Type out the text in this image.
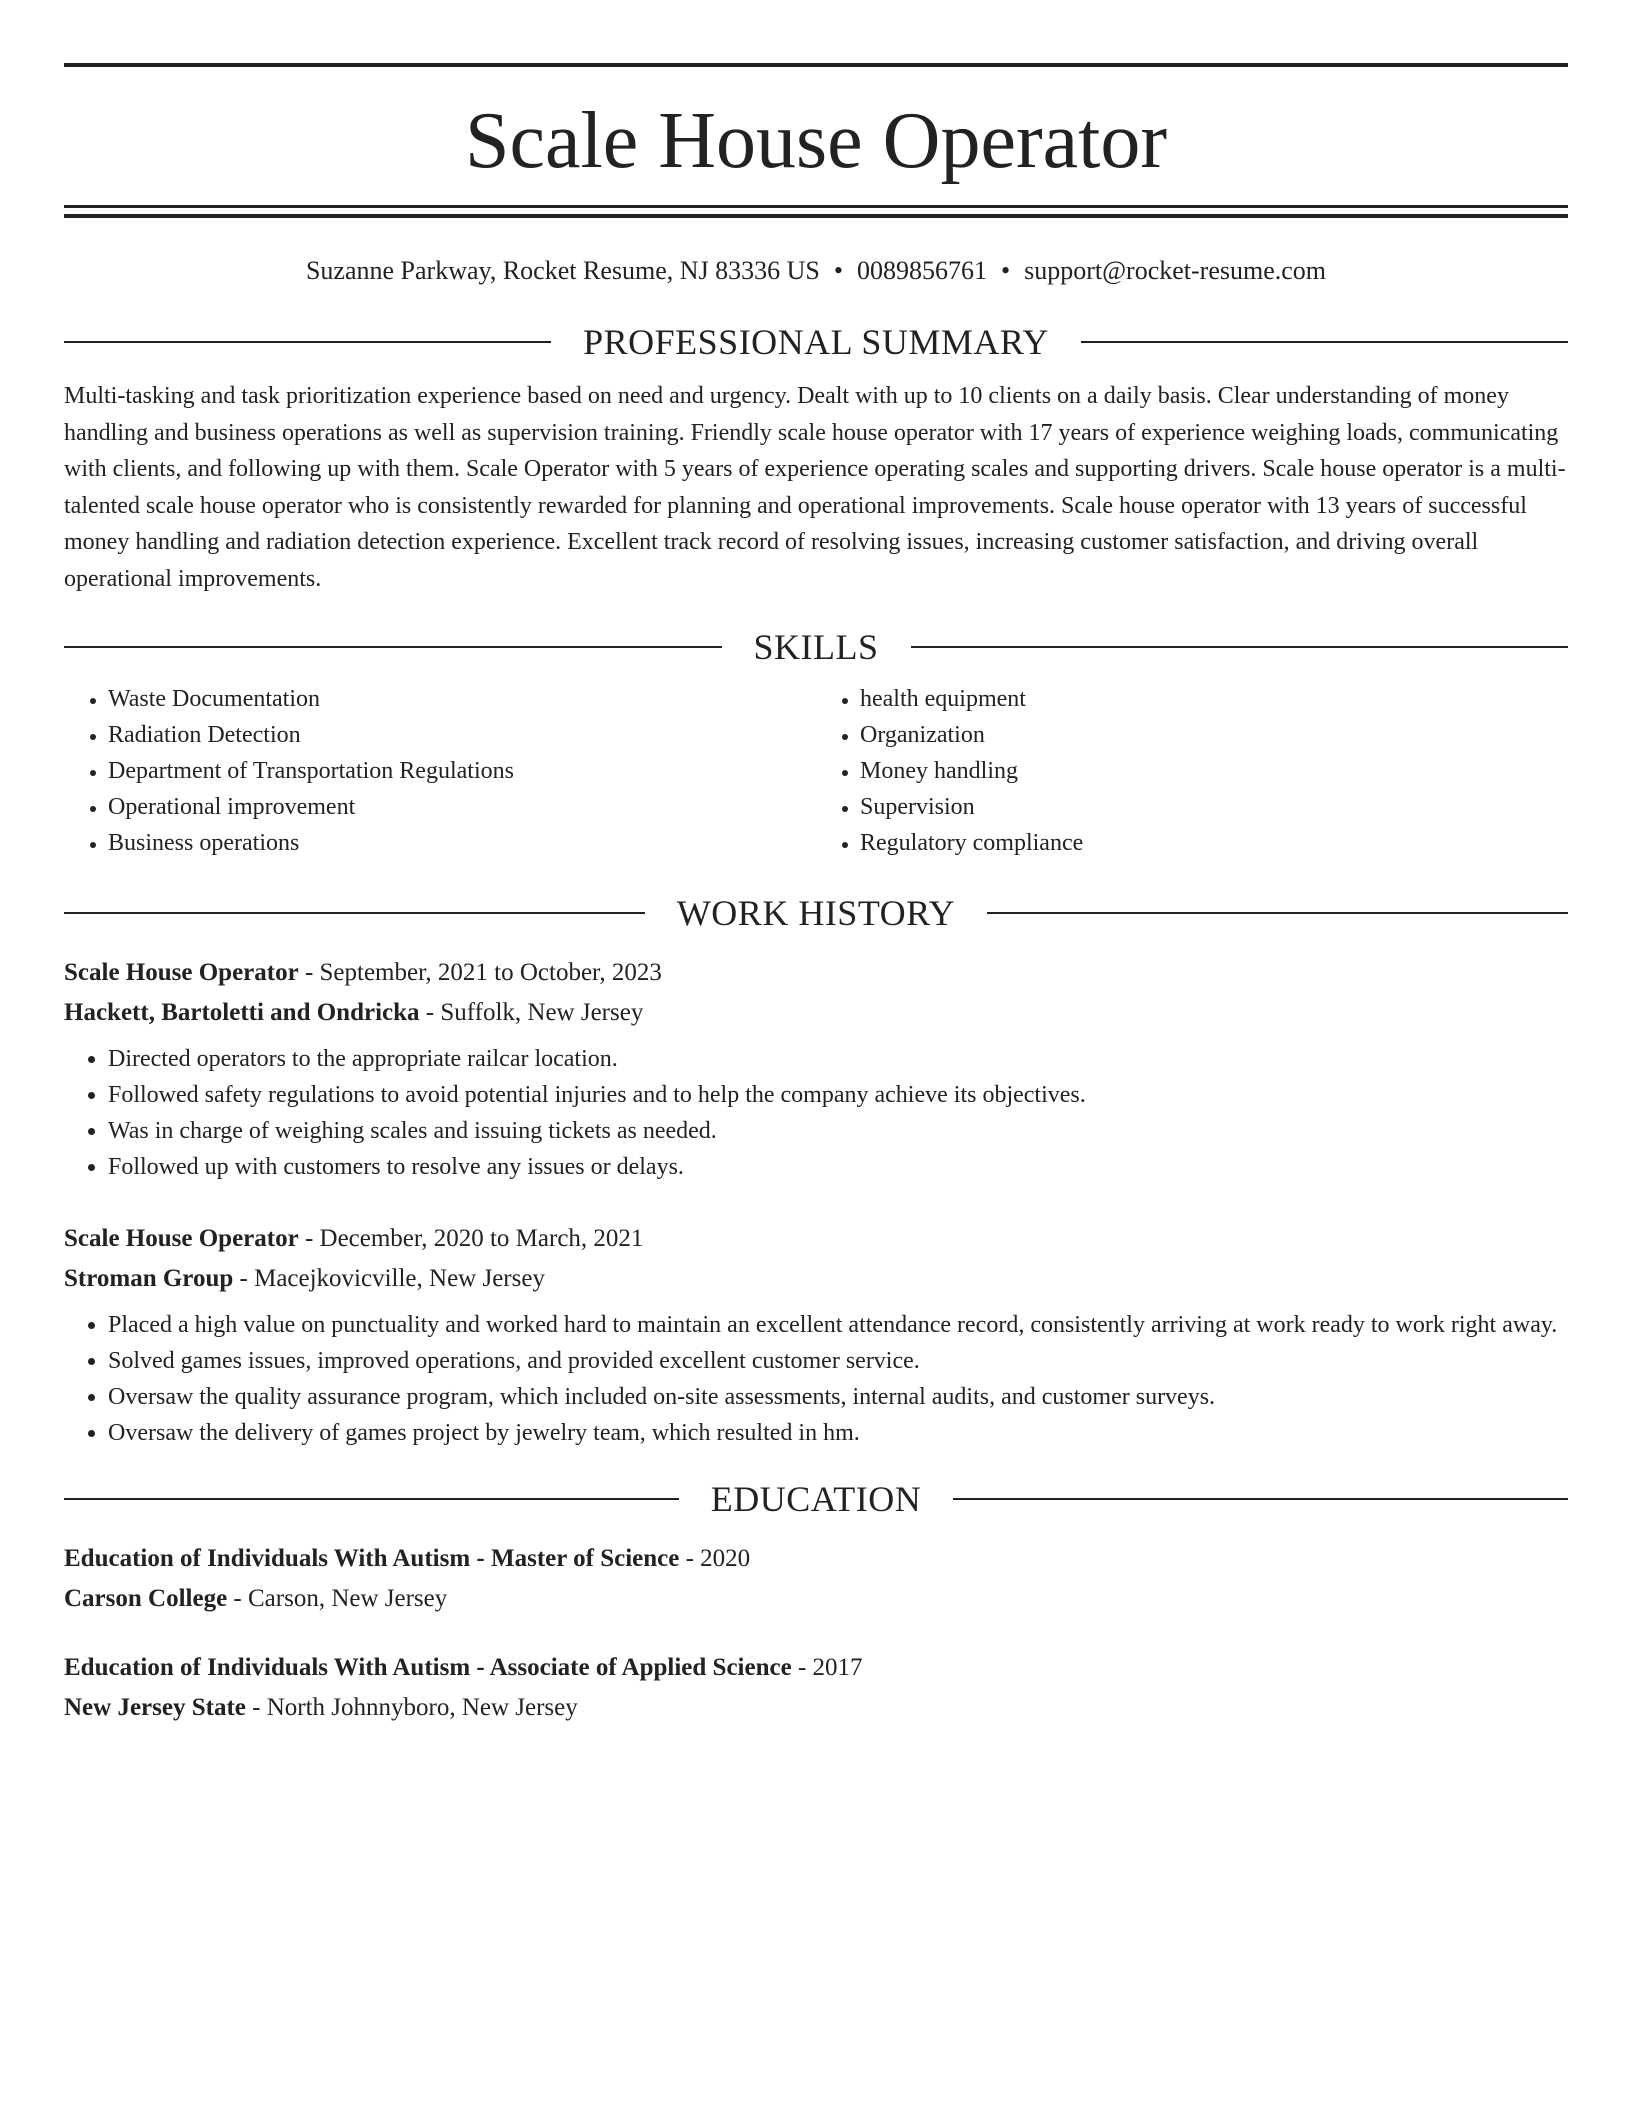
Scale House Operator
Suzanne Parkway, Rocket Resume, NJ 83336 US • 0089856761 • support@rocket-resume.com
PROFESSIONAL SUMMARY

Multi-tasking and task prioritization experience based on need and urgency. Dealt with up to 10 clients on a daily basis. Clear understanding of money handling and business operations as well as supervision training. Friendly scale house operator with 17 years of experience weighing loads, communicating with clients, and following up with them. Scale Operator with 5 years of experience operating scales and supporting drivers. Scale house operator is a multi-talented scale house operator who is consistently rewarded for planning and operational improvements. Scale house operator with 13 years of successful money handling and radiation detection experience. Excellent track record of resolving issues, increasing customer satisfaction, and driving overall operational improvements.

SKILLS
• Waste Documentation
• Radiation Detection
• Department of Transportation Regulations
• Operational improvement
• Business operations
• health equipment
• Organization
• Money handling
• Supervision
• Regulatory compliance
WORK HISTORY
Scale House Operator - September, 2021 to October, 2023
Hackett, Bartoletti and Ondricka - Suffolk, New Jersey
• Directed operators to the appropriate railcar location.
• Followed safety regulations to avoid potential injuries and to help the company achieve its objectives.
• Was in charge of weighing scales and issuing tickets as needed.
• Followed up with customers to resolve any issues or delays.
Scale House Operator - December, 2020 to March, 2021
Stroman Group - Macejkovicville, New Jersey
• Placed a high value on punctuality and worked hard to maintain an excellent attendance record, consistently arriving at work ready to work right away.
• Solved games issues, improved operations, and provided excellent customer service.
• Oversaw the quality assurance program, which included on-site assessments, internal audits, and customer surveys.
• Oversaw the delivery of games project by jewelry team, which resulted in hm.
EDUCATION
Education of Individuals With Autism - Master of Science - 2020
Carson College - Carson, New Jersey
Education of Individuals With Autism - Associate of Applied Science - 2017
New Jersey State - North Johnnyboro, New Jersey
